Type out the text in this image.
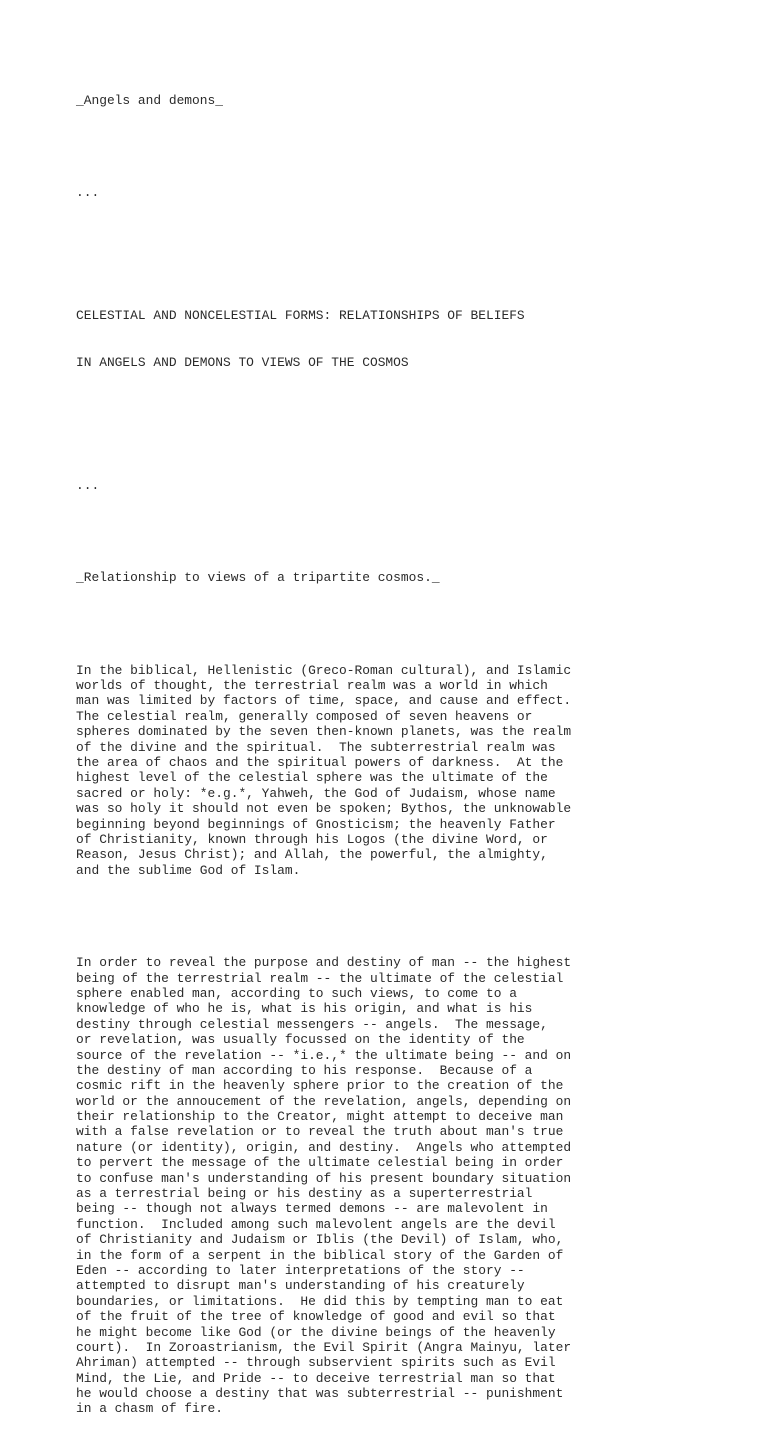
_Angels and demons_

...

CELESTIAL AND NONCELESTIAL FORMS: RELATIONSHIPS OF BELIEFS

IN ANGELS AND DEMONS TO VIEWS OF THE COSMOS

...

_Relationship to views of a tripartite cosmos._

In the biblical, Hellenistic (Greco-Roman cultural), and Islamic
worlds of thought, the terrestrial realm was a world in which
man was limited by factors of time, space, and cause and effect.
The celestial realm, generally composed of seven heavens or
spheres dominated by the seven then-known planets, was the realm
of the divine and the spiritual.  The subterrestrial realm was
the area of chaos and the spiritual powers of darkness.  At the
highest level of the celestial sphere was the ultimate of the
sacred or holy: *e.g.*, Yahweh, the God of Judaism, whose name
was so holy it should not even be spoken; Bythos, the unknowable
beginning beyond beginnings of Gnosticism; the heavenly Father
of Christianity, known through his Logos (the divine Word, or
Reason, Jesus Christ); and Allah, the powerful, the almighty,
and the sublime God of Islam.

In order to reveal the purpose and destiny of man -- the highest
being of the terrestrial realm -- the ultimate of the celestial
sphere enabled man, according to such views, to come to a
knowledge of who he is, what is his origin, and what is his
destiny through celestial messengers -- angels.  The message,
or revelation, was usually focussed on the identity of the
source of the revelation -- *i.e.,* the ultimate being -- and on
the destiny of man according to his response.  Because of a
cosmic rift in the heavenly sphere prior to the creation of the
world or the annoucement of the revelation, angels, depending on
their relationship to the Creator, might attempt to deceive man
with a false revelation or to reveal the truth about man's true
nature (or identity), origin, and destiny.  Angels who attempted
to pervert the message of the ultimate celestial being in order
to confuse man's understanding of his present boundary situation
as a terrestrial being or his destiny as a superterrestrial
being -- though not always termed demons -- are malevolent in
function.  Included among such malevolent angels are the devil
of Christianity and Judaism or Iblis (the Devil) of Islam, who,
in the form of a serpent in the biblical story of the Garden of
Eden -- according to later interpretations of the story --
attempted to disrupt man's understanding of his creaturely
boundaries, or limitations.  He did this by tempting man to eat
of the fruit of the tree of knowledge of good and evil so that
he might become like God (or the divine beings of the heavenly
court).  In Zoroastrianism, the Evil Spirit (Angra Mainyu, later
Ahriman) attempted -- through subservient spirits such as Evil
Mind, the Lie, and Pride -- to deceive terrestrial man so that
he would choose a destiny that was subterrestrial -- punishment
in a chasm of fire.
